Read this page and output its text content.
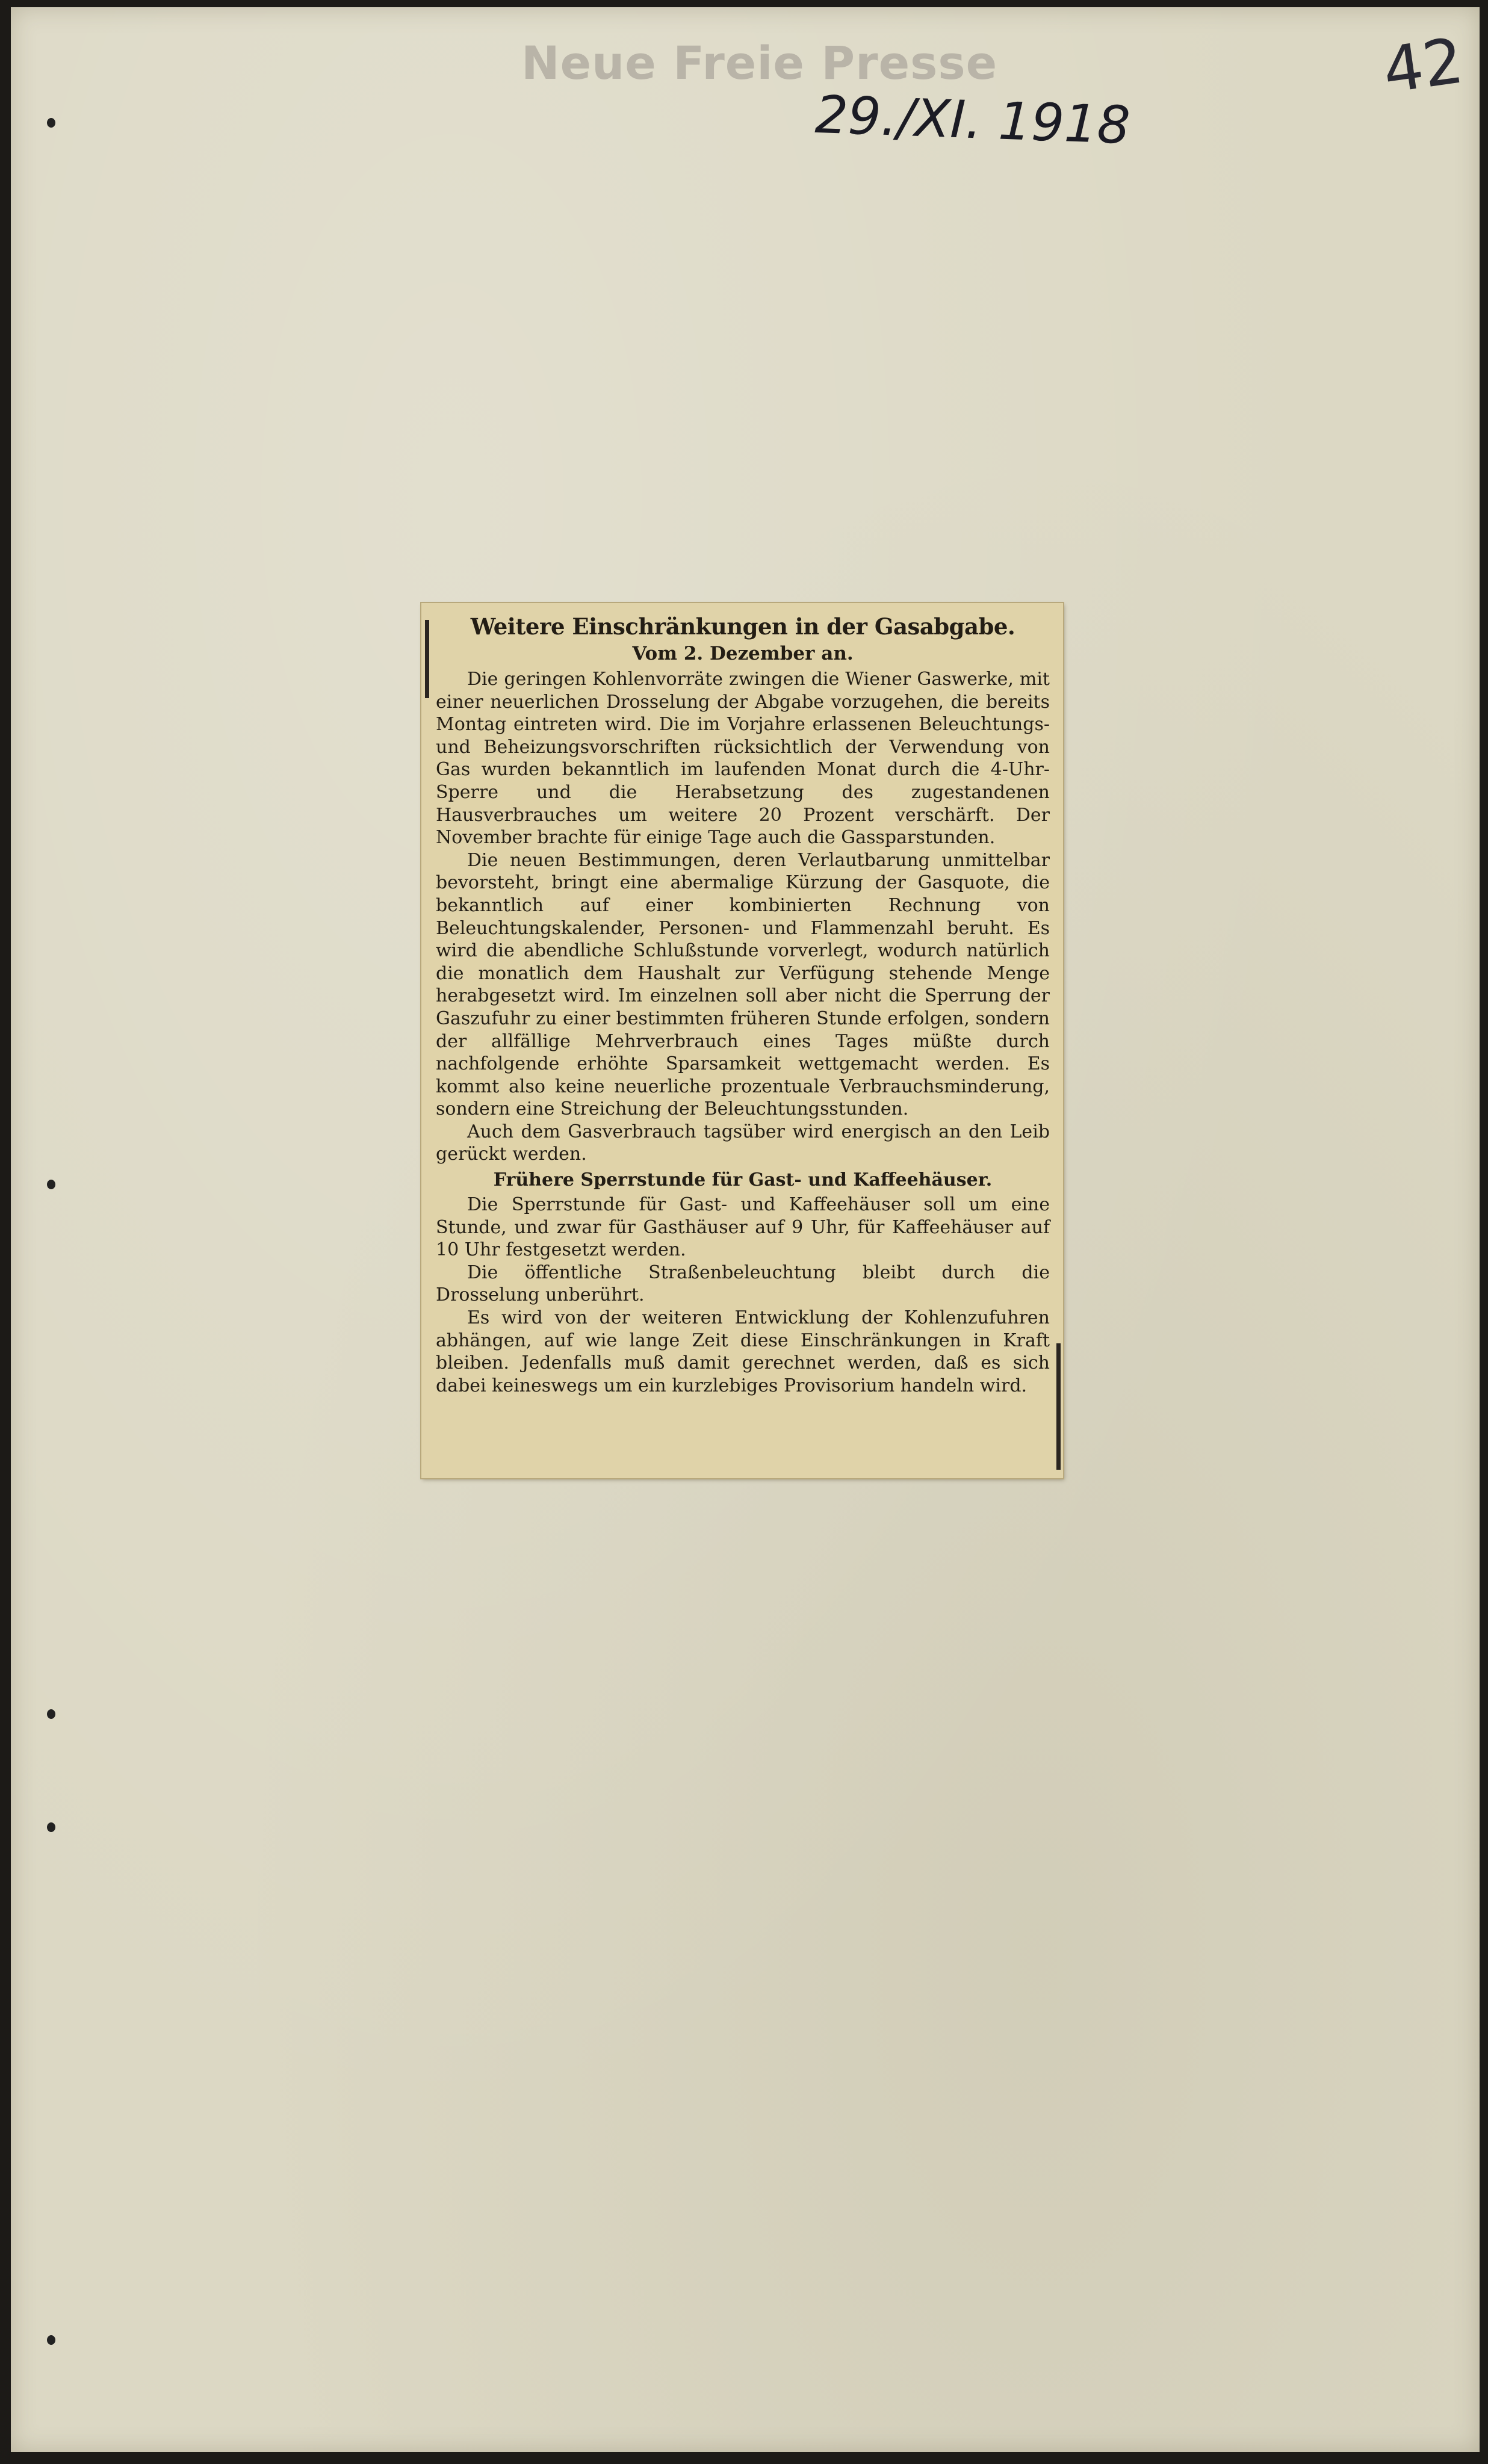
Neue Freie Presse
29./XI. 1918
42

Weitere Einschränkungen in der Gasabgabe.

Vom 2. Dezember an.

Die geringen Kohlenvorräte zwingen die Wiener Gaswerke, mit einer neuerlichen Drosselung der Abgabe vorzugehen, die bereits Montag eintreten wird. Die im Vorjahre erlassenen Beleuchtungs- und Beheizungsvorschriften rücksichtlich der Verwendung von Gas wurden bekanntlich im laufenden Monat durch die 4-Uhr-Sperre und die Herabsetzung des zugestandenen Hausverbrauches um weitere 20 Prozent verschärft. Der November brachte für einige Tage auch die Gassparstunden.

Die neuen Bestimmungen, deren Verlautbarung unmittelbar bevorsteht, bringt eine abermalige Kürzung der Gasquote, die bekanntlich auf einer kombinierten Rechnung von Beleuchtungskalender, Personen- und Flammenzahl beruht. Es wird die abendliche Schlußstunde vorverlegt, wodurch natürlich die monatlich dem Haushalt zur Verfügung stehende Menge herabgesetzt wird. Im einzelnen soll aber nicht die Sperrung der Gaszufuhr zu einer bestimmten früheren Stunde erfolgen, sondern der allfällige Mehrverbrauch eines Tages müßte durch nachfolgende erhöhte Sparsamkeit wettgemacht werden. Es kommt also keine neuerliche prozentuale Verbrauchsminderung, sondern eine Streichung der Beleuchtungsstunden.

Auch dem Gasverbrauch tagsüber wird energisch an den Leib gerückt werden.

Frühere Sperrstunde für Gast- und Kaffeehäuser.

Die Sperrstunde für Gast- und Kaffeehäuser soll um eine Stunde, und zwar für Gasthäuser auf 9 Uhr, für Kaffeehäuser auf 10 Uhr festgesetzt werden.

Die öffentliche Straßenbeleuchtung bleibt durch die Drosselung unberührt.

Es wird von der weiteren Entwicklung der Kohlenzufuhren abhängen, auf wie lange Zeit diese Einschränkungen in Kraft bleiben. Jedenfalls muß damit gerechnet werden, daß es sich dabei keineswegs um ein kurzlebiges Provisorium handeln wird.
